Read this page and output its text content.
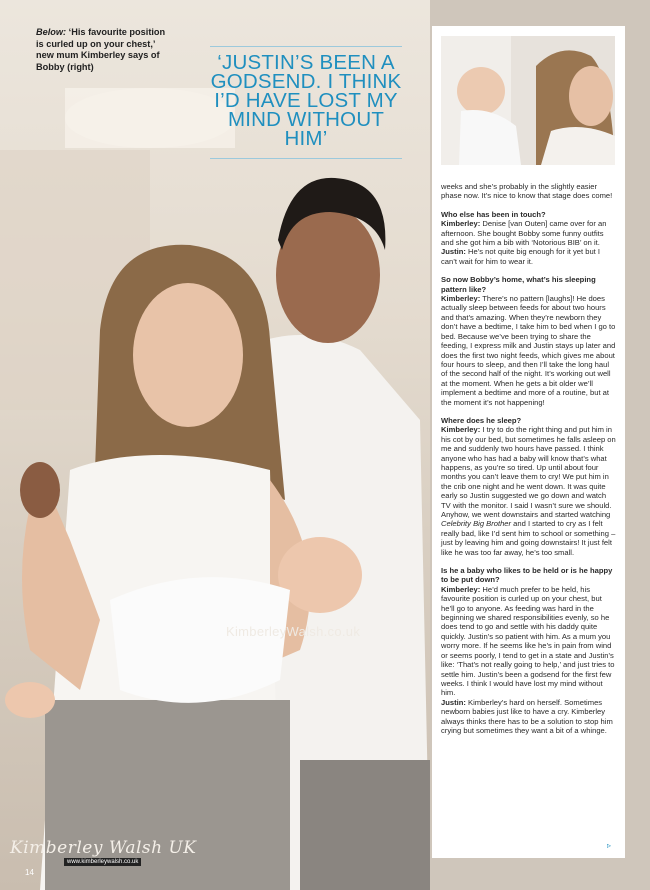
Below: ‘His favourite position is curled up on your chest,’ new mum Kimberley says of Bobby (right)	‘JUSTIN’S BEEN A GODSEND. I THINK I’D HAVE LOST MY MIND WITHOUT HIM’
KimberleyWalsh.co.uk
Kimberley Walsh UK
www.kimberleywalsh.co.uk
14

weeks and she’s probably in the slightly easier phase now. It’s nice to know that stage does come!

Who else has been in touch?

Kimberley: Denise [van Outen] came over for an afternoon. She bought Bobby some funny outfits and she got him a bib with ‘Notorious BIB’ on it.

Justin: He’s not quite big enough for it yet but I can’t wait for him to wear it.

So now Bobby’s home, what’s his sleeping pattern like?

Kimberley: There’s no pattern [laughs]! He does actually sleep between feeds for about two hours and that’s amazing. When they’re newborn they don’t have a bedtime, I take him to bed when I go to bed. Because we’ve been trying to share the feeding, I express milk and Justin stays up later and does the first two night feeds, which gives me about four hours to sleep, and then I’ll take the long haul of the second half of the night. It’s working out well at the moment. When he gets a bit older we’ll implement a bedtime and more of a routine, but at the moment it’s not happening!

Where does he sleep?

Kimberley: I try to do the right thing and put him in his cot by our bed, but sometimes he falls asleep on me and suddenly two hours have passed. I think anyone who has had a baby will know that’s what happens, as you’re so tired. Up until about four months you can’t leave them to cry! We put him in the crib one night and he went down. It was quite early so Justin suggested we go down and watch TV with the monitor. I said I wasn’t sure we should. Anyhow, we went downstairs and started watching Celebrity Big Brother and I started to cry as I felt really bad, like I’d sent him to school or something – just by leaving him and going downstairs! It just felt like he was too far away, he’s too small.

Is he a baby who likes to be held or is he happy to be put down?

Kimberley: He’d much prefer to be held, his favourite position is curled up on your chest, but he’ll go to anyone. As feeding was hard in the beginning we shared responsibilities evenly, so he does tend to go and settle with his daddy quite quickly. Justin’s so patient with him. As a mum you worry more. If he seems like he’s in pain from wind or seems poorly, I tend to get in a state and Justin’s like: ‘That’s not really going to help,’ and just tries to settle him. Justin’s been a godsend for the first few weeks. I think I would have lost my mind without him.

Justin: Kimberley’s hard on herself. Sometimes newborn babies just like to have a cry. Kimberley always thinks there has to be a solution to stop him crying but sometimes they want a bit of a whinge.

▹
